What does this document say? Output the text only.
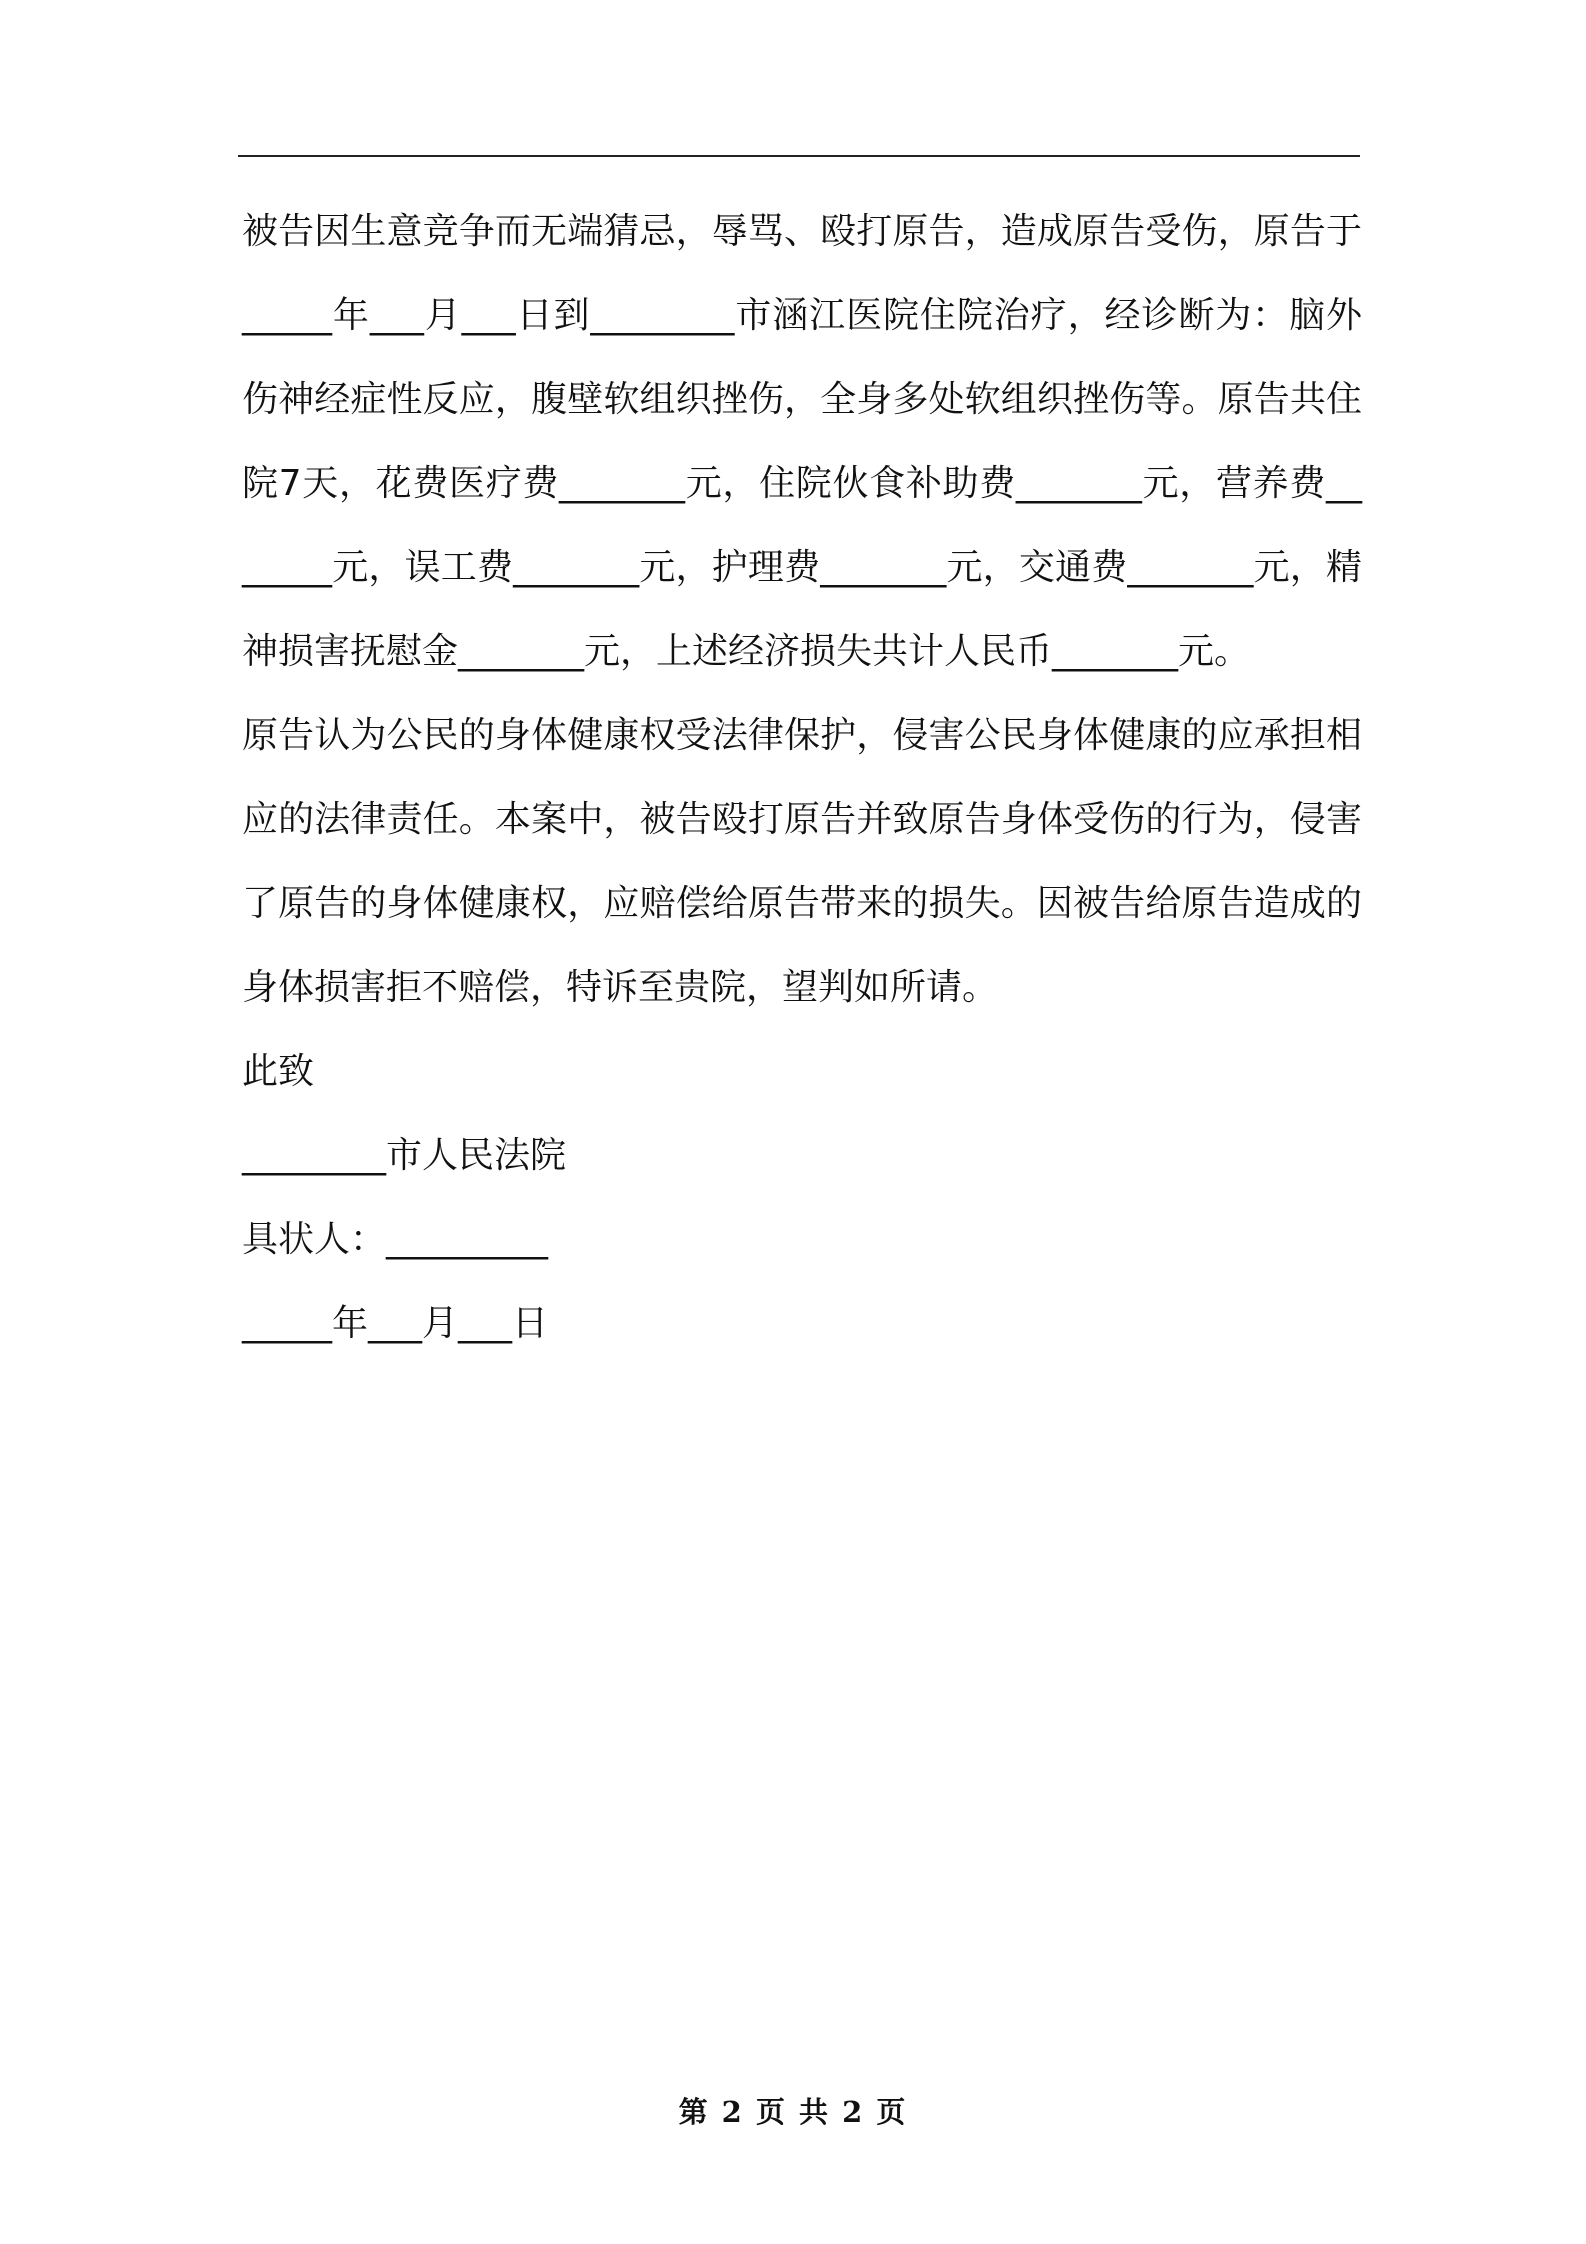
被告因生意竞争而无端猜忌，辱骂、殴打原告，造成原告受伤，原告于_____年___月___日到________市涵江医院住院治疗，经诊断为：脑外伤神经症性反应，腹壁软组织挫伤，全身多处软组织挫伤等。原告共住院7天，花费医疗费_______元，住院伙食补助费_______元，营养费_______元，误工费_______元，护理费_______元，交通费_______元，精神损害抚慰金_______元，上述经济损失共计人民币_______元。

原告认为公民的身体健康权受法律保护，侵害公民身体健康的应承担相应的法律责任。本案中，被告殴打原告并致原告身体受伤的行为，侵害了原告的身体健康权，应赔偿给原告带来的损失。因被告给原告造成的身体损害拒不赔偿，特诉至贵院，望判如所请。

此致

________市人民法院

具状人：_________

_____年___月___日

第 2 页 共 2 页
